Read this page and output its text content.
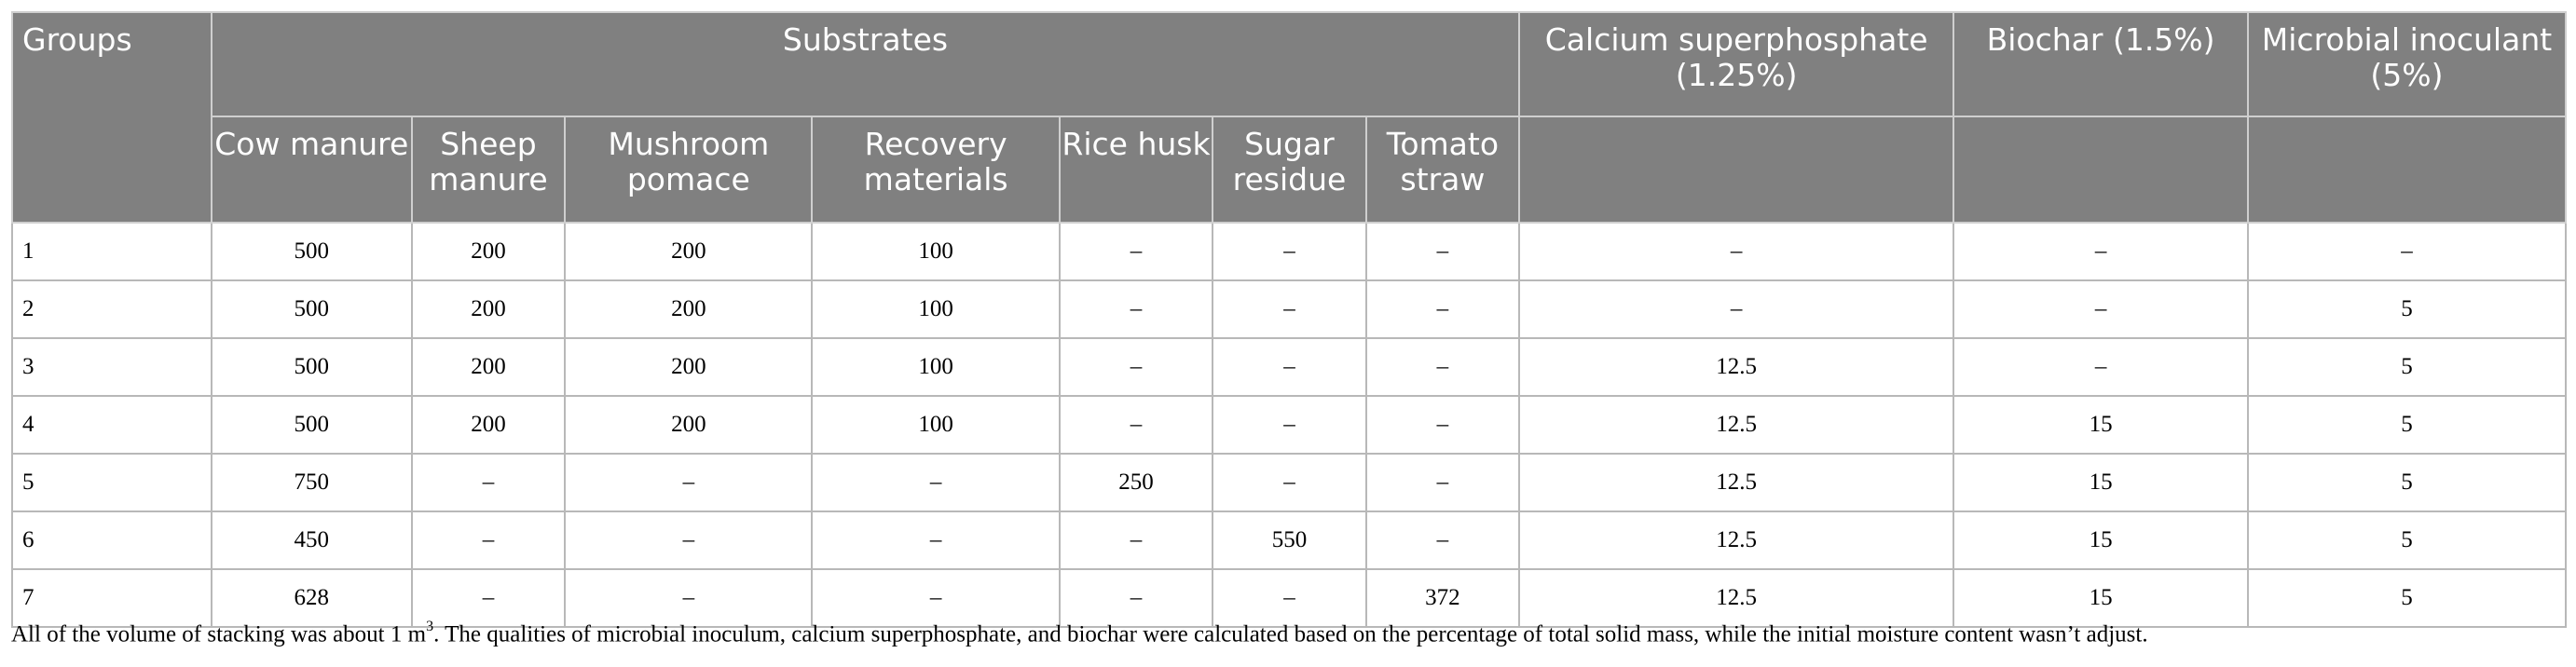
Groups	Substrates							Calcium superphosphate (1.25%)	Biochar (1.5%)	Microbial inoculant (5%)
	Cow manure	Sheep manure	Mushroom pomace	Recovery materials	Rice husk	Sugar residue	Tomato straw			
1	500	200	200	100	–	–	–	–	–	–
2	500	200	200	100	–	–	–	–	–	5
3	500	200	200	100	–	–	–	12.5	–	5
4	500	200	200	100	–	–	–	12.5	15	5
5	750	–	–	–	250	–	–	12.5	15	5
6	450	–	–	–	–	550	–	12.5	15	5
7	628	–	–	–	–	–	372	12.5	15	5
All of the volume of stacking was about 1 $m^3$. The qualities of microbial inoculum, calcium superphosphate, and biochar were calculated based on the percentage of total solid mass, while the initial moisture content wasn’t adjust.
